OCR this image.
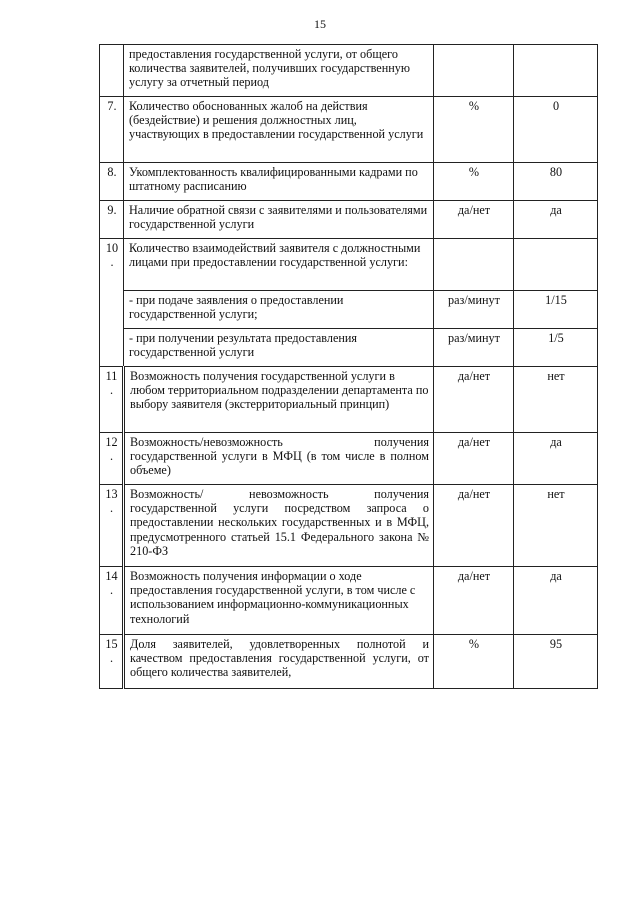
15
	предоставления государственной услуги, от общего количества заявителей, получивших государственную услугу за отчетный период		
7.	Количество обоснованных жалоб на действия (бездействие) и решения должностных лиц, участвующих в предоставлении государственной услуги	%	0
8.	Укомплектованность квалифицированными кадрами по штатному расписанию	%	80
9.	Наличие обратной связи с заявителями и пользователями государственной услуги	да/нет	да
10.	Количество взаимодействий заявителя с должностными лицами при предоставлении государственной услуги:		
	- при подаче заявления о предоставлении государственной услуги;	раз/минут	1/15
	- при получении результата предоставления государственной услуги	раз/минут	1/5
11.	Возможность получения государственной услуги в любом территориальном подразделении департамента по выбору заявителя (экстерриториальный принцип)	да/нет	нет
12.	Возможность/невозможность получения государственной услуги в МФЦ (в том числе в полном объеме)	да/нет	да
13.	Возможность/ невозможность получения государственной услуги посредством запроса о предоставлении нескольких государственных и в МФЦ, предусмотренного статьей 15.1 Федерального закона № 210-ФЗ	да/нет	нет
14.	Возможность получения информации о ходе предоставления государственной услуги, в том числе с использованием информационно-коммуникационных технологий	да/нет	да
15.	Доля заявителей, удовлетворенных полнотой и качеством предоставления государственной услуги, от общего количества заявителей,	%	95
